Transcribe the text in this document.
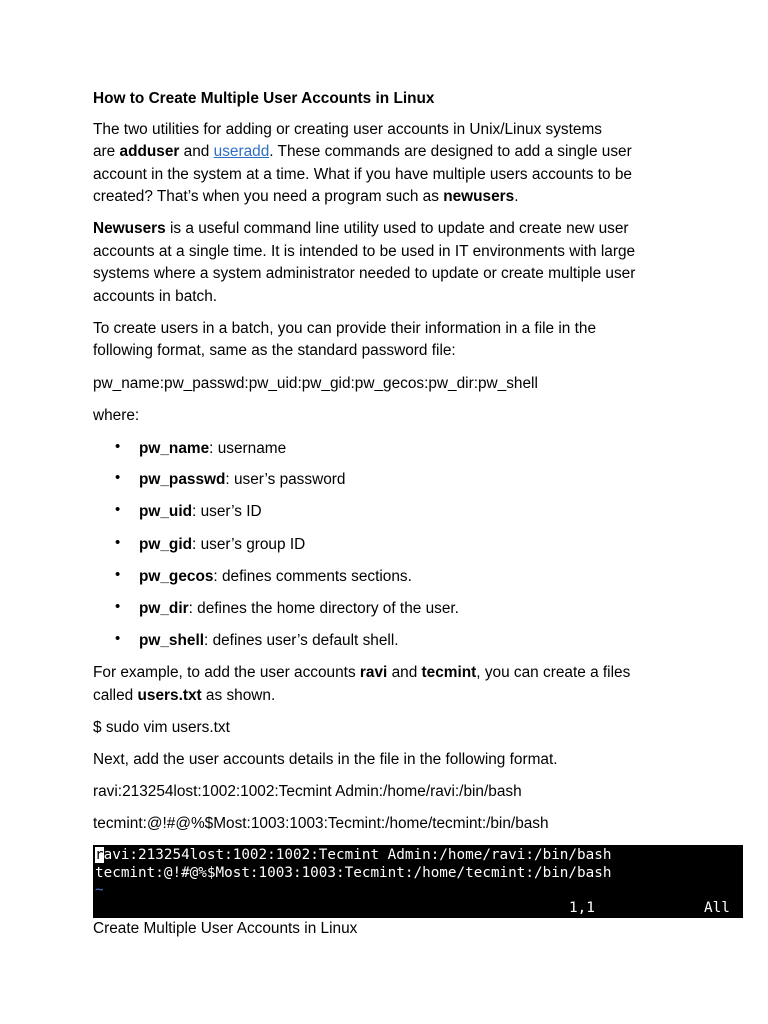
How to Create Multiple User Accounts in Linux

The two utilities for adding or creating user accounts in Unix/Linux systems

are adduser and useradd. These commands are designed to add a single user

account in the system at a time. What if you have multiple users accounts to be

created? That’s when you need a program such as newusers.

Newusers is a useful command line utility used to update and create new user

accounts at a single time. It is intended to be used in IT environments with large

systems where a system administrator needed to update or create multiple user

accounts in batch.

To create users in a batch, you can provide their information in a file in the

following format, same as the standard password file:

pw_name:pw_passwd:pw_uid:pw_gid:pw_gecos:pw_dir:pw_shell

where:

• pw_name: username
• pw_passwd: user’s password
• pw_uid: user’s ID
• pw_gid: user’s group ID
• pw_gecos: defines comments sections.
• pw_dir: defines the home directory of the user.
• pw_shell: defines user’s default shell.

For example, to add the user accounts ravi and tecmint, you can create a files

called users.txt as shown.

$ sudo vim users.txt

Next, add the user accounts details in the file in the following format.

ravi:213254lost:1002:1002:Tecmint Admin:/home/ravi:/bin/bash

tecmint:@!#@%$Most:1003:1003:Tecmint:/home/tecmint:/bin/bash

ravi:213254lost:1002:1002:Tecmint Admin:/home/ravi:/bin/bash
tecmint:@!#@%$Most:1003:1003:Tecmint:/home/tecmint:/bin/bash
~
1,1	All
Create Multiple User Accounts in Linux
